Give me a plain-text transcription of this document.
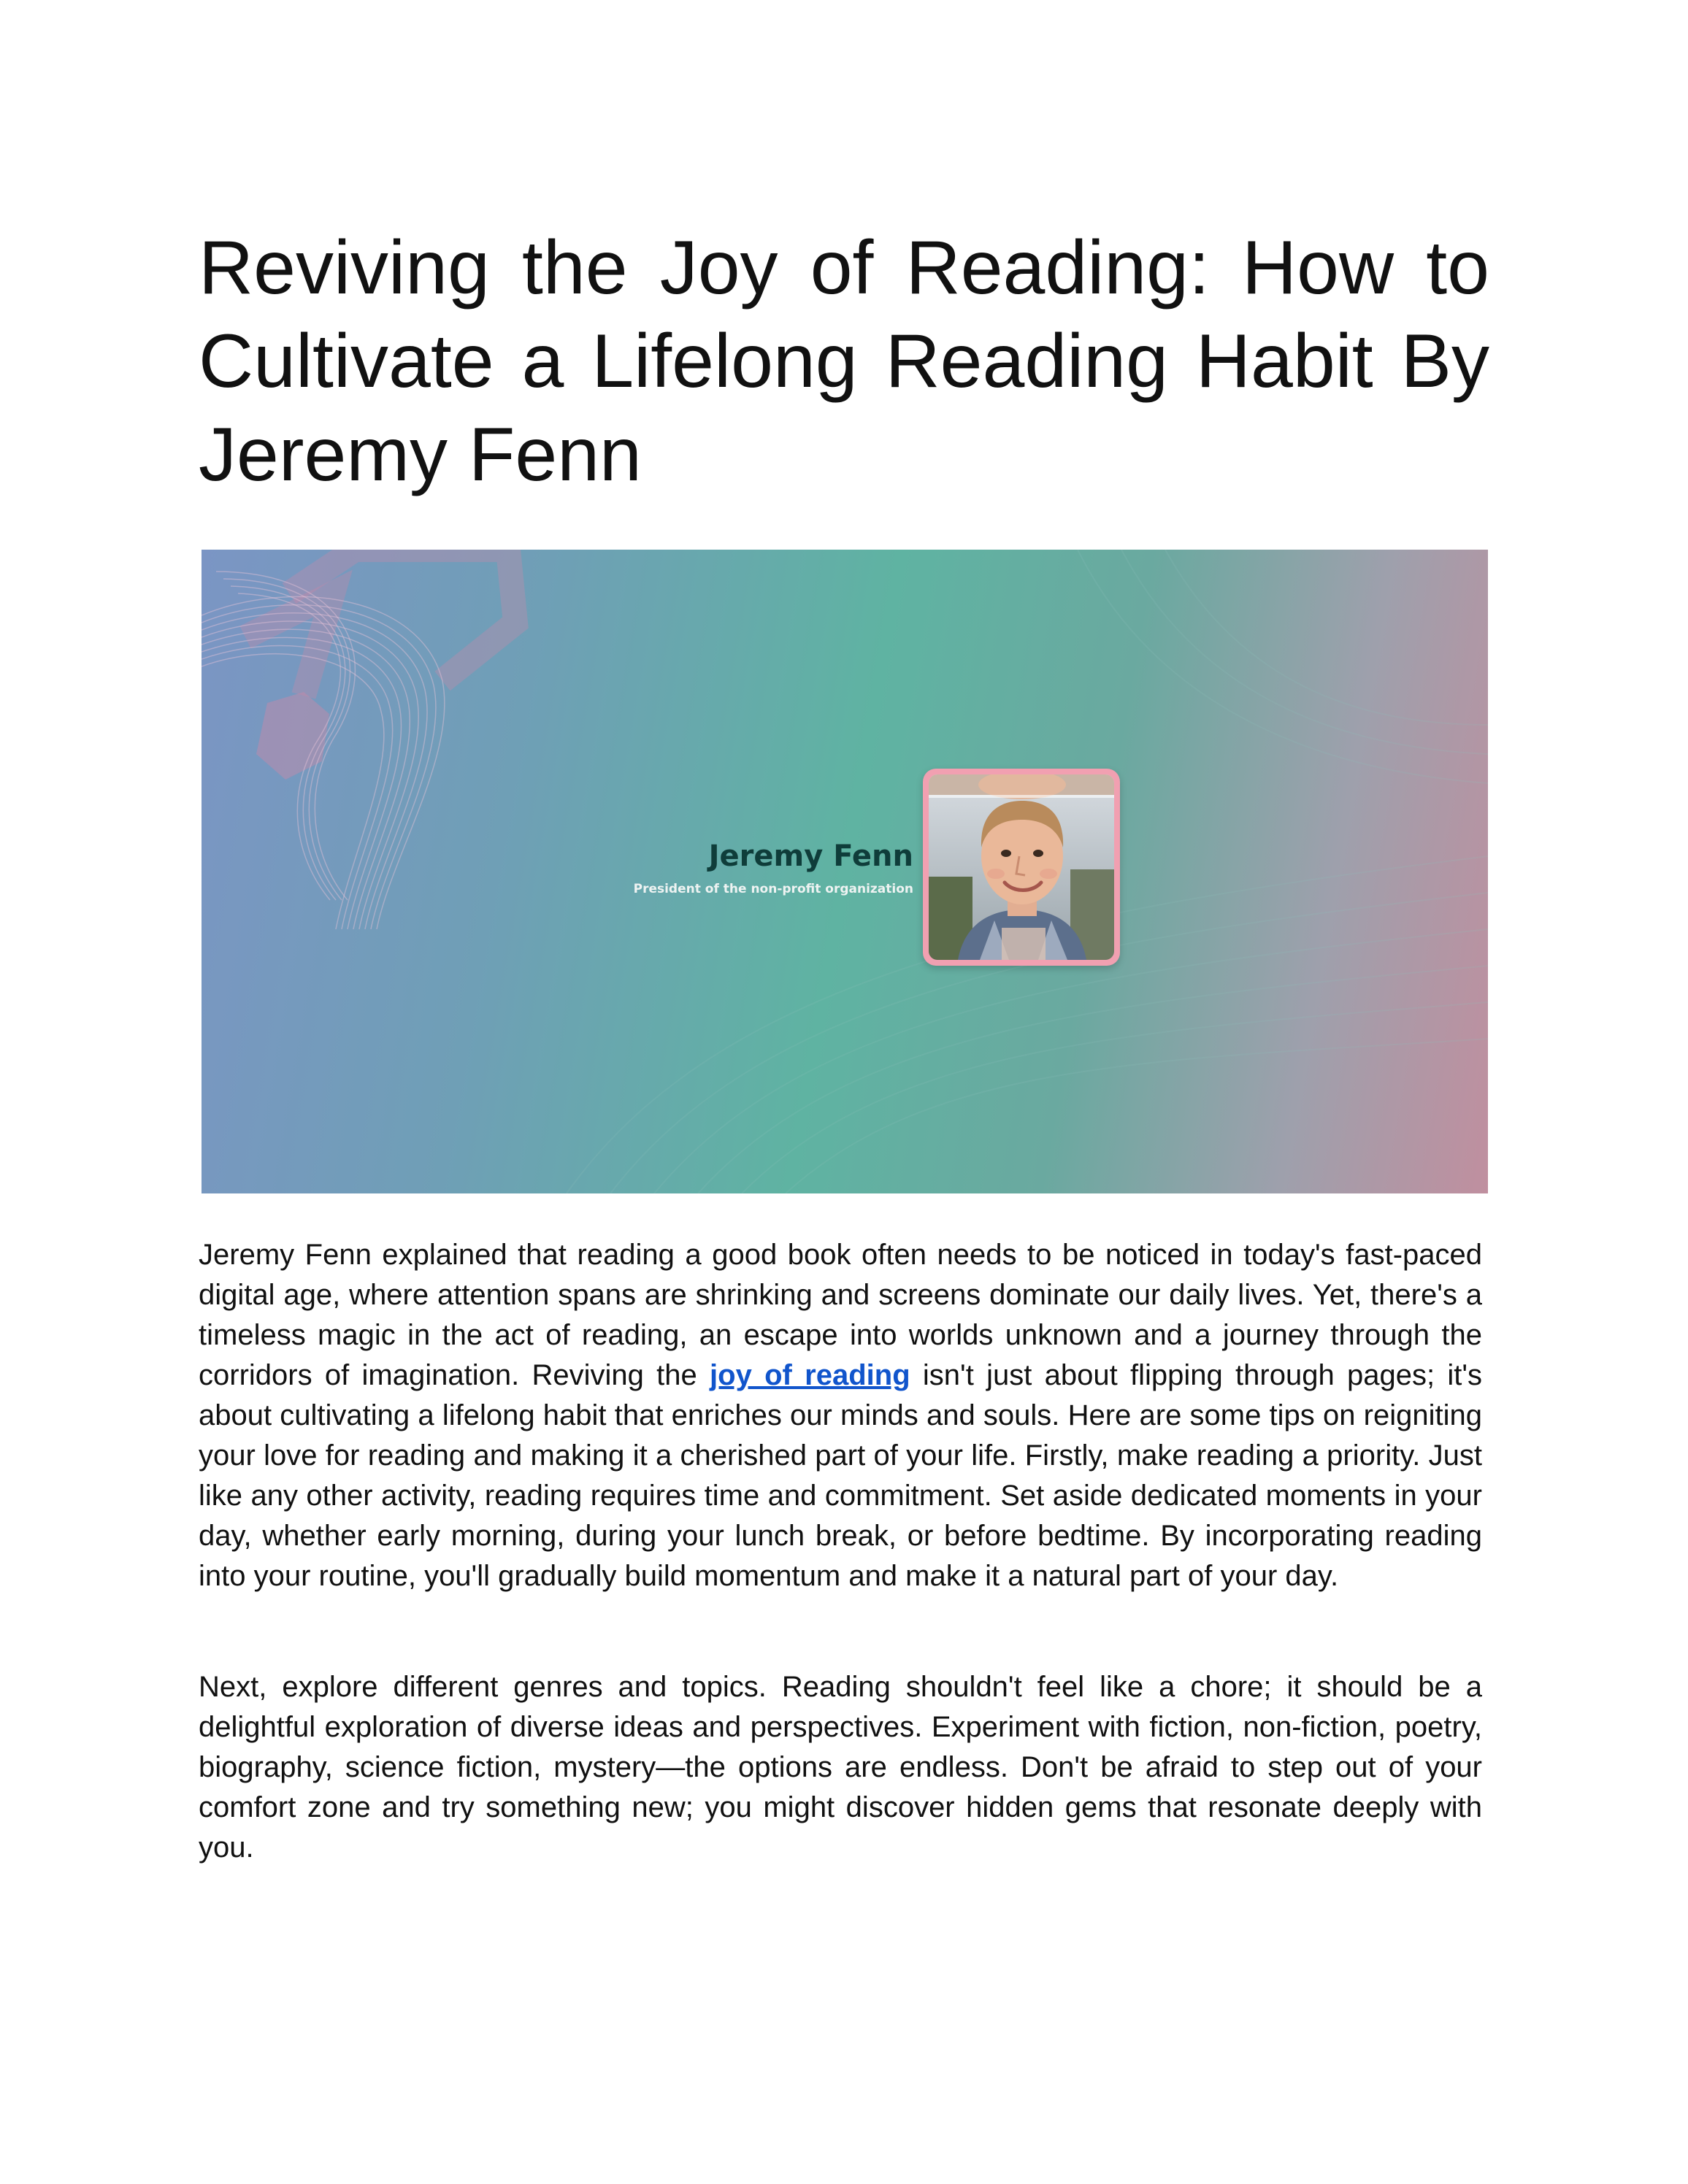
Reviving the Joy of Reading: How to Cultivate a Lifelong Reading Habit By Jeremy Fenn
Jeremy Fenn
President of the non-profit organization

Jeremy Fenn explained that reading a good book often needs to be noticed in today's fast-paced digital age, where attention spans are shrinking and screens dominate our daily lives. Yet, there's a timeless magic in the act of reading, an escape into worlds unknown and a journey through the corridors of imagination. Reviving the joy of reading isn't just about flipping through pages; it's about cultivating a lifelong habit that enriches our minds and souls. Here are some tips on reigniting your love for reading and making it a cherished part of your life. Firstly, make reading a priority. Just like any other activity, reading requires time and commitment. Set aside dedicated moments in your day, whether early morning, during your lunch break, or before bedtime. By incorporating reading into your routine, you'll gradually build momentum and make it a natural part of your day.

Next, explore different genres and topics. Reading shouldn't feel like a chore; it should be a delightful exploration of diverse ideas and perspectives. Experiment with fiction, non-fiction, poetry, biography, science fiction, mystery—the options are endless. Don't be afraid to step out of your comfort zone and try something new; you might discover hidden gems that resonate deeply with you.
